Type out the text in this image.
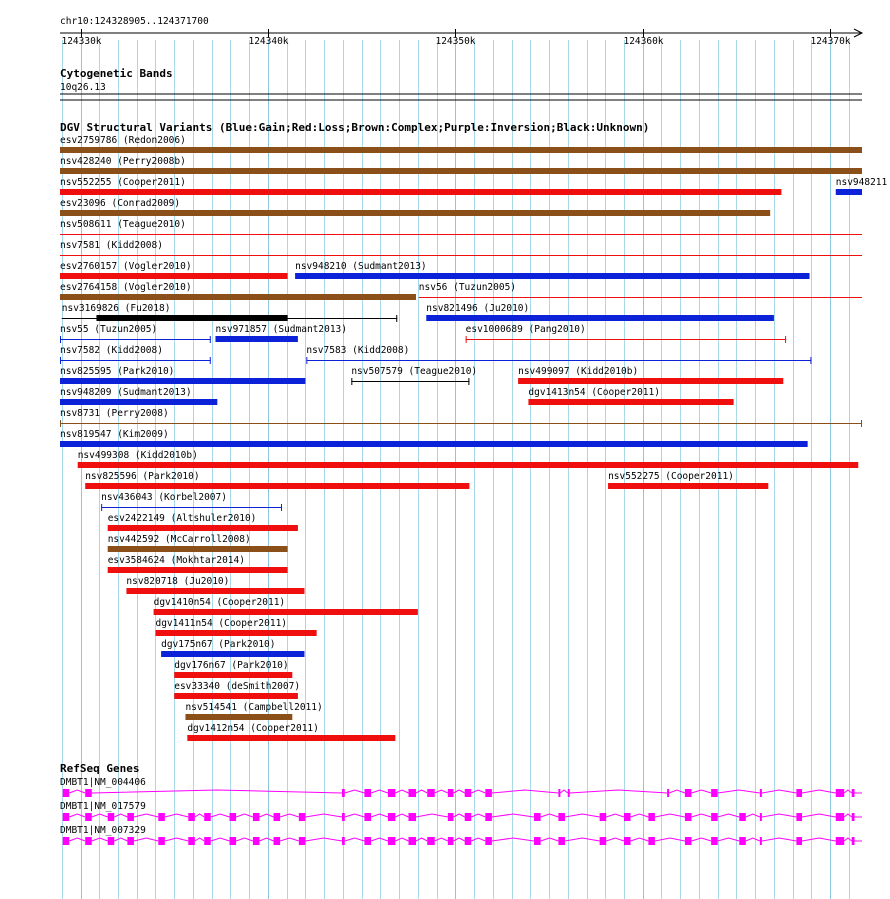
chr10:124328905..124371700
124330k	124340k	124350k	124360k	124370k
Cytogenetic Bands
10q26.13
DGV Structural Variants (Blue:Gain;Red:Loss;Brown:Complex;Purple:Inversion;Black:Unknown)
esv2759786 (Redon2006)
nsv428240 (Perry2008b)
nsv552255 (Cooper2011)	nsv948211
esv23096 (Conrad2009)
nsv508611 (Teague2010)
nsv7581 (Kidd2008)
esv2760157 (Vogler2010)	nsv948210 (Sudmant2013)
esv2764158 (Vogler2010)	nsv56 (Tuzun2005)
nsv3169826 (Fu2018)	nsv821496 (Ju2010)
nsv55 (Tuzun2005)	nsv971857 (Sudmant2013)	esv1000689 (Pang2010)
nsv7582 (Kidd2008)	nsv7583 (Kidd2008)
nsv825595 (Park2010)	nsv507579 (Teague2010)	nsv499097 (Kidd2010b)
nsv948209 (Sudmant2013)	dgv1413n54 (Cooper2011)
nsv8731 (Perry2008)
nsv819547 (Kim2009)
nsv499308 (Kidd2010b)
nsv825596 (Park2010)	nsv552275 (Cooper2011)
nsv436043 (Korbel2007)
esv2422149 (Altshuler2010)
nsv442592 (McCarroll2008)
esv3584624 (Mokhtar2014)
nsv820718 (Ju2010)
dgv1410n54 (Cooper2011)
dgv1411n54 (Cooper2011)
dgv175n67 (Park2010)
dgv176n67 (Park2010)
esv33340 (deSmith2007)
nsv514541 (Campbell2011)
dgv1412n54 (Cooper2011)
RefSeq Genes
DMBT1|NM_004406
DMBT1|NM_017579
DMBT1|NM_007329
